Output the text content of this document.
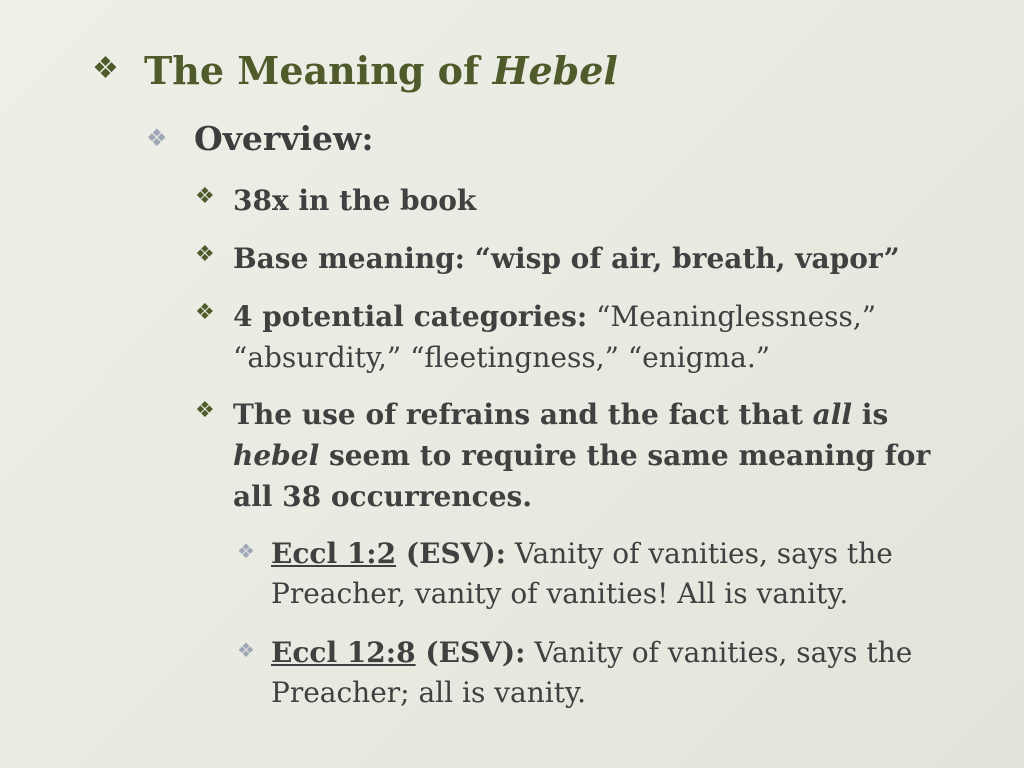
❖ The Meaning of Hebel
❖ Overview:
❖ 38x in the book
❖ Base meaning: “wisp of air, breath, vapor”
❖ 4 potential categories: “Meaninglessness,” “absurdity,” “fleetingness,” “enigma.”
❖ The use of refrains and the fact that all is hebel seem to require the same meaning for all 38 occurrences.
❖ Eccl 1:2 (ESV): Vanity of vanities, says the Preacher, vanity of vanities! All is vanity.
❖ Eccl 12:8 (ESV): Vanity of vanities, says the Preacher; all is vanity.
